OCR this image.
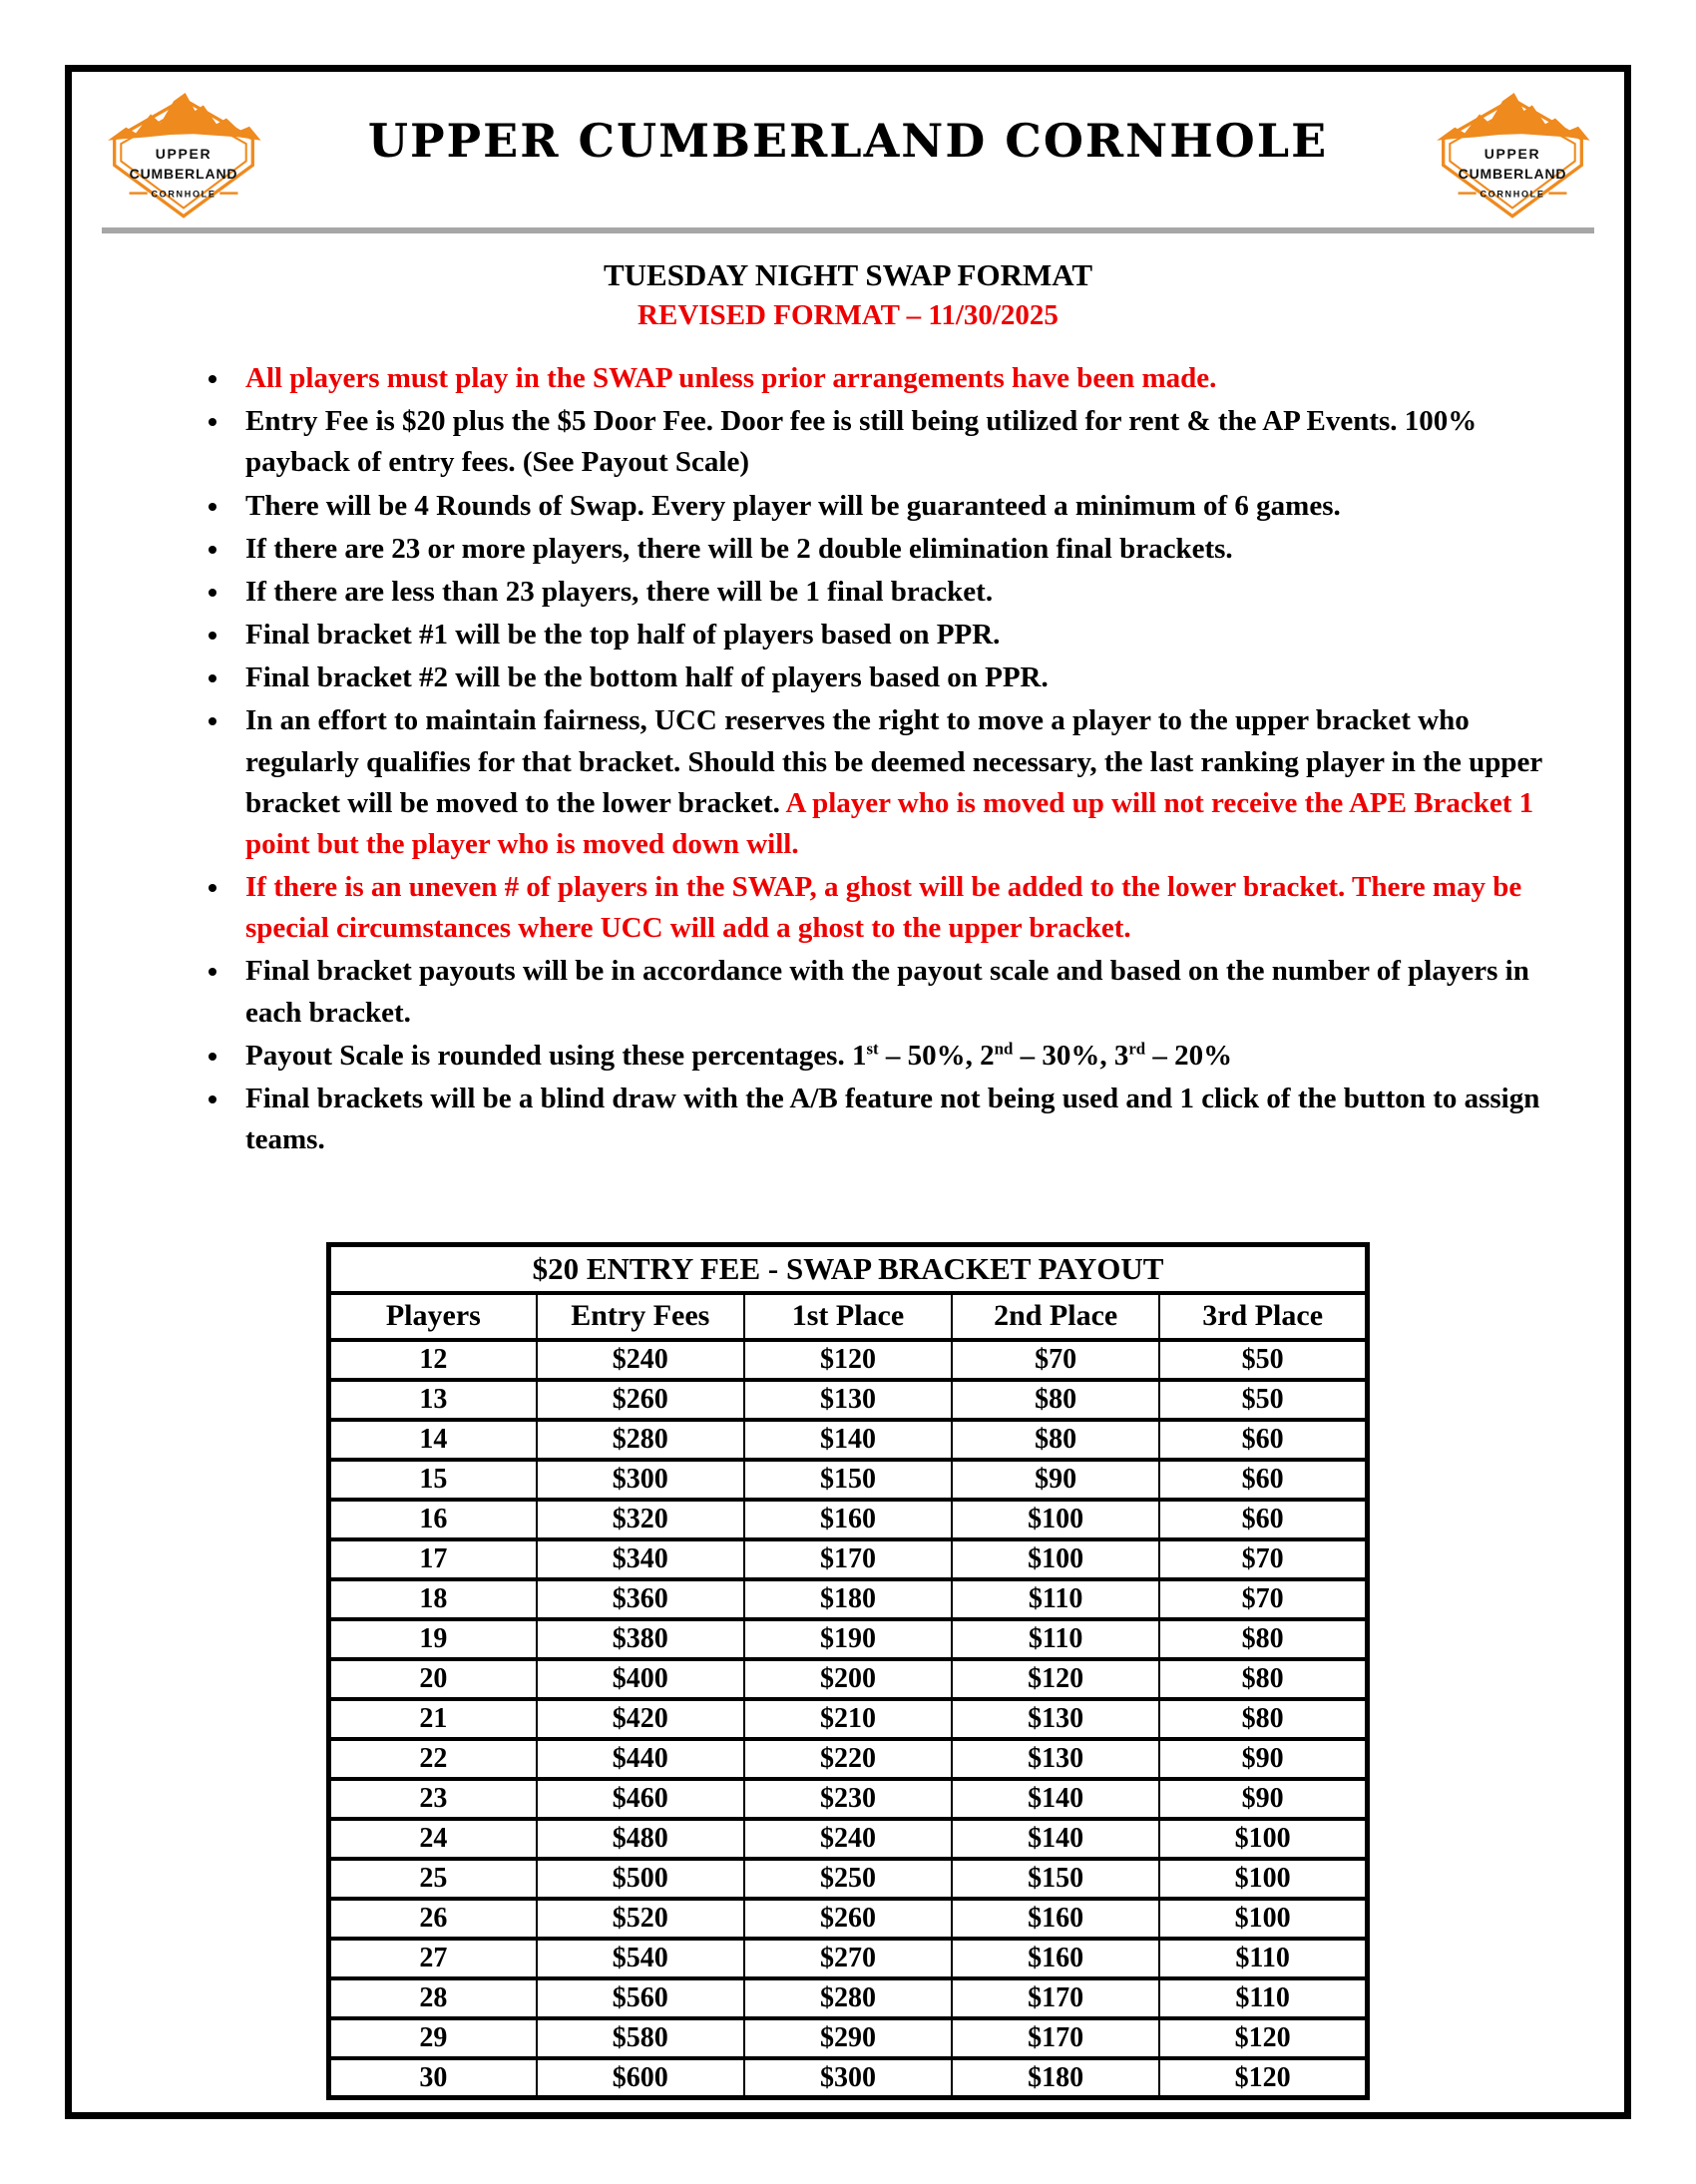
UPPER
CUMBERLAND
CORNHOLE
UPPER CUMBERLAND CORNHOLE	UPPER
CUMBERLAND
CORNHOLE
TUESDAY NIGHT SWAP FORMAT
REVISED FORMAT – 11/30/2025
• All players must play in the SWAP unless prior arrangements have been made.
• Entry Fee is $20 plus the $5 Door Fee. Door fee is still being utilized for rent & the AP Events. 100% payback of entry fees. (See Payout Scale)
• There will be 4 Rounds of Swap. Every player will be guaranteed a minimum of 6 games.
• If there are 23 or more players, there will be 2 double elimination final brackets.
• If there are less than 23 players, there will be 1 final bracket.
• Final bracket #1 will be the top half of players based on PPR.
• Final bracket #2 will be the bottom half of players based on PPR.
• In an effort to maintain fairness, UCC reserves the right to move a player to the upper bracket who regularly qualifies for that bracket. Should this be deemed necessary, the last ranking player in the upper bracket will be moved to the lower bracket. A player who is moved up will not receive the APE Bracket 1 point but the player who is moved down will.
• If there is an uneven # of players in the SWAP, a ghost will be added to the lower bracket. There may be special circumstances where UCC will add a ghost to the upper bracket.
• Final bracket payouts will be in accordance with the payout scale and based on the number of players in each bracket.
• Payout Scale is rounded using these percentages. 1st – 50%, 2nd – 30%, 3rd – 20%
• Final brackets will be a blind draw with the A/B feature not being used and 1 click of the button to assign teams.
$20 ENTRY FEE - SWAP BRACKET PAYOUT				
Players	Entry Fees	1st Place	2nd Place	3rd Place
12	$240	$120	$70	$50
13	$260	$130	$80	$50
14	$280	$140	$80	$60
15	$300	$150	$90	$60
16	$320	$160	$100	$60
17	$340	$170	$100	$70
18	$360	$180	$110	$70
19	$380	$190	$110	$80
20	$400	$200	$120	$80
21	$420	$210	$130	$80
22	$440	$220	$130	$90
23	$460	$230	$140	$90
24	$480	$240	$140	$100
25	$500	$250	$150	$100
26	$520	$260	$160	$100
27	$540	$270	$160	$110
28	$560	$280	$170	$110
29	$580	$290	$170	$120
30	$600	$300	$180	$120
